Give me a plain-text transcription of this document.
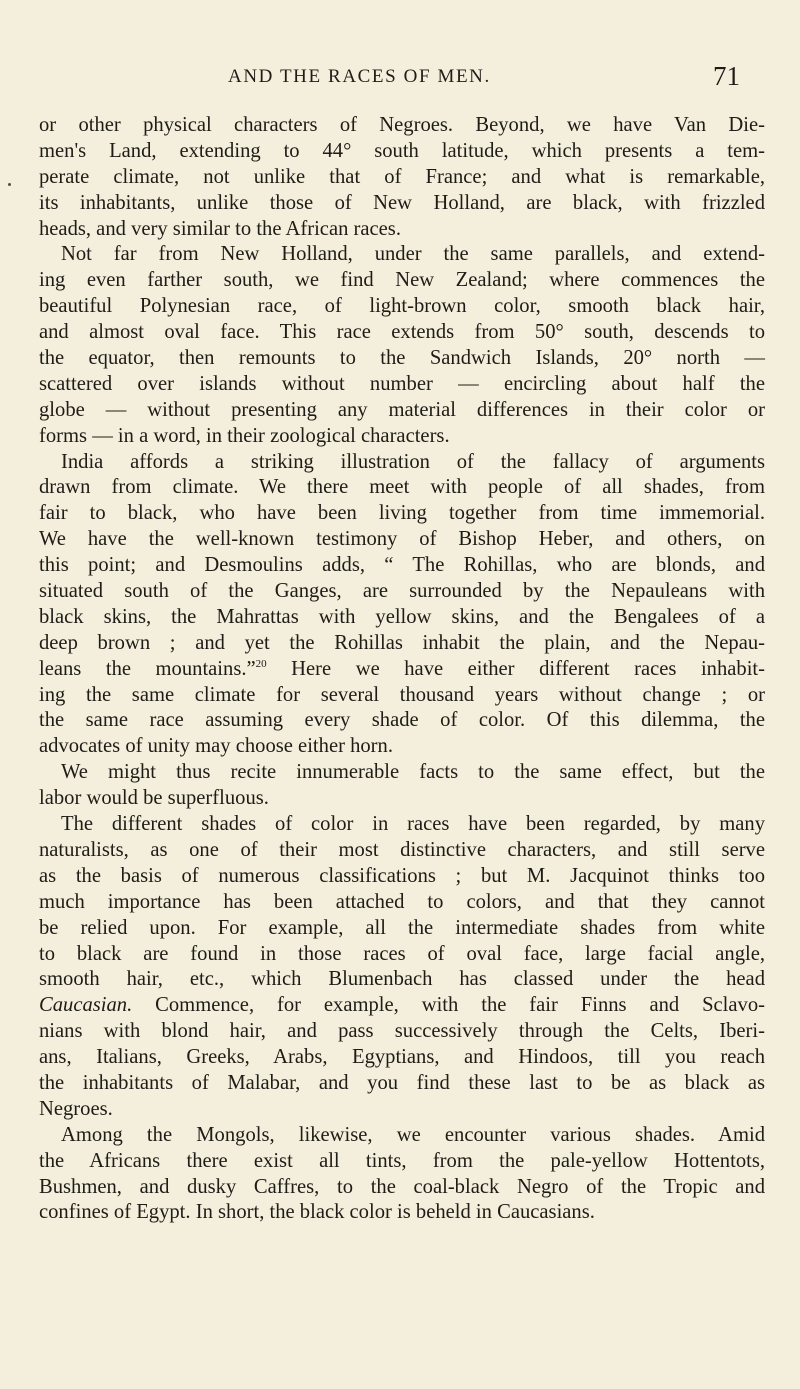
AND THE RACES OF MEN.	71
or other physical characters of Negroes. Beyond, we have Van Die-
men's Land, extending to 44° south latitude, which presents a tem-
perate climate, not unlike that of France; and what is remarkable,
its inhabitants, unlike those of New Holland, are black, with frizzled
heads, and very similar to the African races.
Not far from New Holland, under the same parallels, and extend-
ing even farther south, we find New Zealand; where commences the
beautiful Polynesian race, of light-brown color, smooth black hair,
and almost oval face. This race extends from 50° south, descends to
the equator, then remounts to the Sandwich Islands, 20° north —
scattered over islands without number — encircling about half the
globe — without presenting any material differences in their color or
forms — in a word, in their zoological characters.
India affords a striking illustration of the fallacy of arguments
drawn from climate. We there meet with people of all shades, from
fair to black, who have been living together from time immemorial.
We have the well-known testimony of Bishop Heber, and others, on
this point; and Desmoulins adds, “ The Rohillas, who are blonds, and
situated south of the Ganges, are surrounded by the Nepauleans with
black skins, the Mahrattas with yellow skins, and the Bengalees of a
deep brown ; and yet the Rohillas inhabit the plain, and the Nepau-
leans the mountains.”$^{20}$ Here we have either different races inhabit-
ing the same climate for several thousand years without change ; or
the same race assuming every shade of color. Of this dilemma, the
advocates of unity may choose either horn.
We might thus recite innumerable facts to the same effect, but the
labor would be superfluous.
The different shades of color in races have been regarded, by many
naturalists, as one of their most distinctive characters, and still serve
as the basis of numerous classifications ; but M. Jacquinot thinks too
much importance has been attached to colors, and that they cannot
be relied upon. For example, all the intermediate shades from white
to black are found in those races of oval face, large facial angle,
smooth hair, etc., which Blumenbach has classed under the head
Caucasian. Commence, for example, with the fair Finns and Sclavo-
nians with blond hair, and pass successively through the Celts, Iberi-
ans, Italians, Greeks, Arabs, Egyptians, and Hindoos, till you reach
the inhabitants of Malabar, and you find these last to be as black as
Negroes.
Among the Mongols, likewise, we encounter various shades. Amid
the Africans there exist all tints, from the pale-yellow Hottentots,
Bushmen, and dusky Caffres, to the coal-black Negro of the Tropic and
confines of Egypt. In short, the black color is beheld in Caucasians.
